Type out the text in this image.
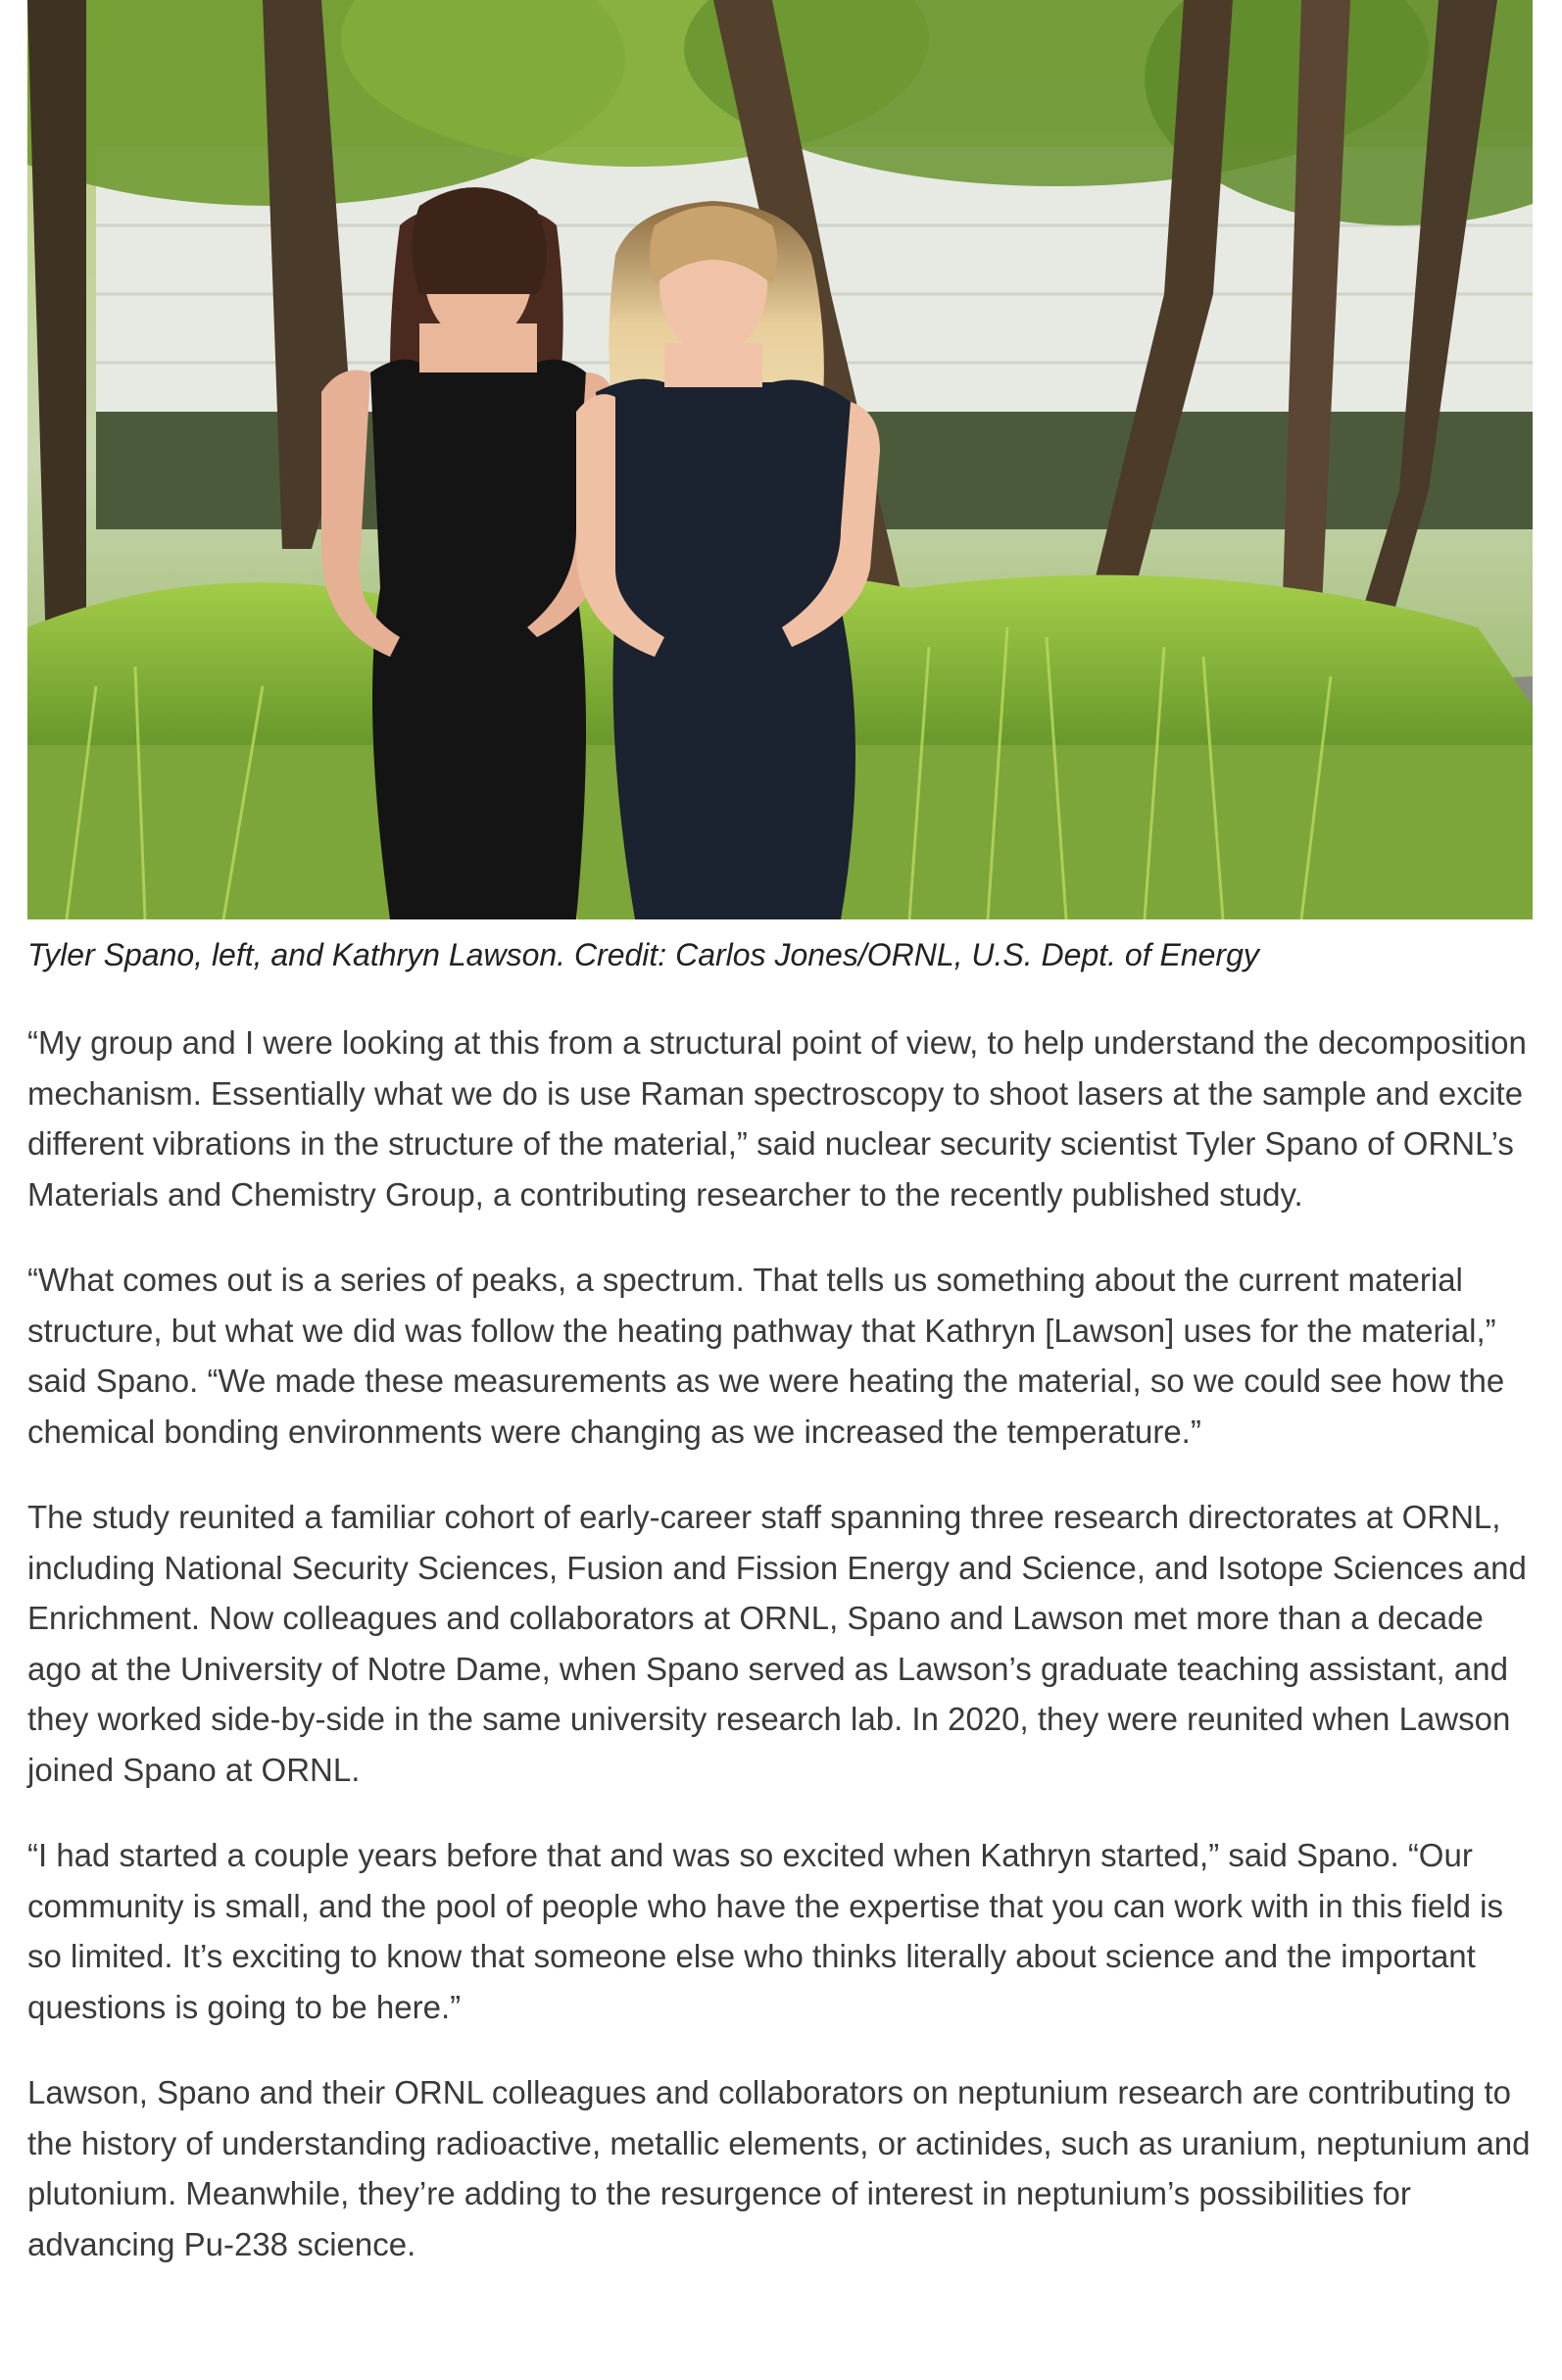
Tyler Spano, left, and Kathryn Lawson. Credit: Carlos Jones/ORNL, U.S. Dept. of Energy

“My group and I were looking at this from a structural point of view, to help understand the decomposition mechanism. Essentially what we do is use Raman spectroscopy to shoot lasers at the sample and excite different vibrations in the structure of the material,” said nuclear security scientist Tyler Spano of ORNL’s Materials and Chemistry Group, a contributing researcher to the recently published study.

“What comes out is a series of peaks, a spectrum. That tells us something about the current material structure, but what we did was follow the heating pathway that Kathryn [Lawson] uses for the material,” said Spano. “We made these measurements as we were heating the material, so we could see how the chemical bonding environments were changing as we increased the temperature.”

The study reunited a familiar cohort of early-career staff spanning three research directorates at ORNL, including National Security Sciences, Fusion and Fission Energy and Science, and Isotope Sciences and Enrichment. Now colleagues and collaborators at ORNL, Spano and Lawson met more than a decade ago at the University of Notre Dame, when Spano served as Lawson’s graduate teaching assistant, and they worked side-by-side in the same university research lab. In 2020, they were reunited when Lawson joined Spano at ORNL.

“I had started a couple years before that and was so excited when Kathryn started,” said Spano. “Our community is small, and the pool of people who have the expertise that you can work with in this field is so limited. It’s exciting to know that someone else who thinks literally about science and the important questions is going to be here.”

Lawson, Spano and their ORNL colleagues and collaborators on neptunium research are contributing to the history of understanding radioactive, metallic elements, or actinides, such as uranium, neptunium and plutonium. Meanwhile, they’re adding to the resurgence of interest in neptunium’s possibilities for advancing Pu-238 science.
